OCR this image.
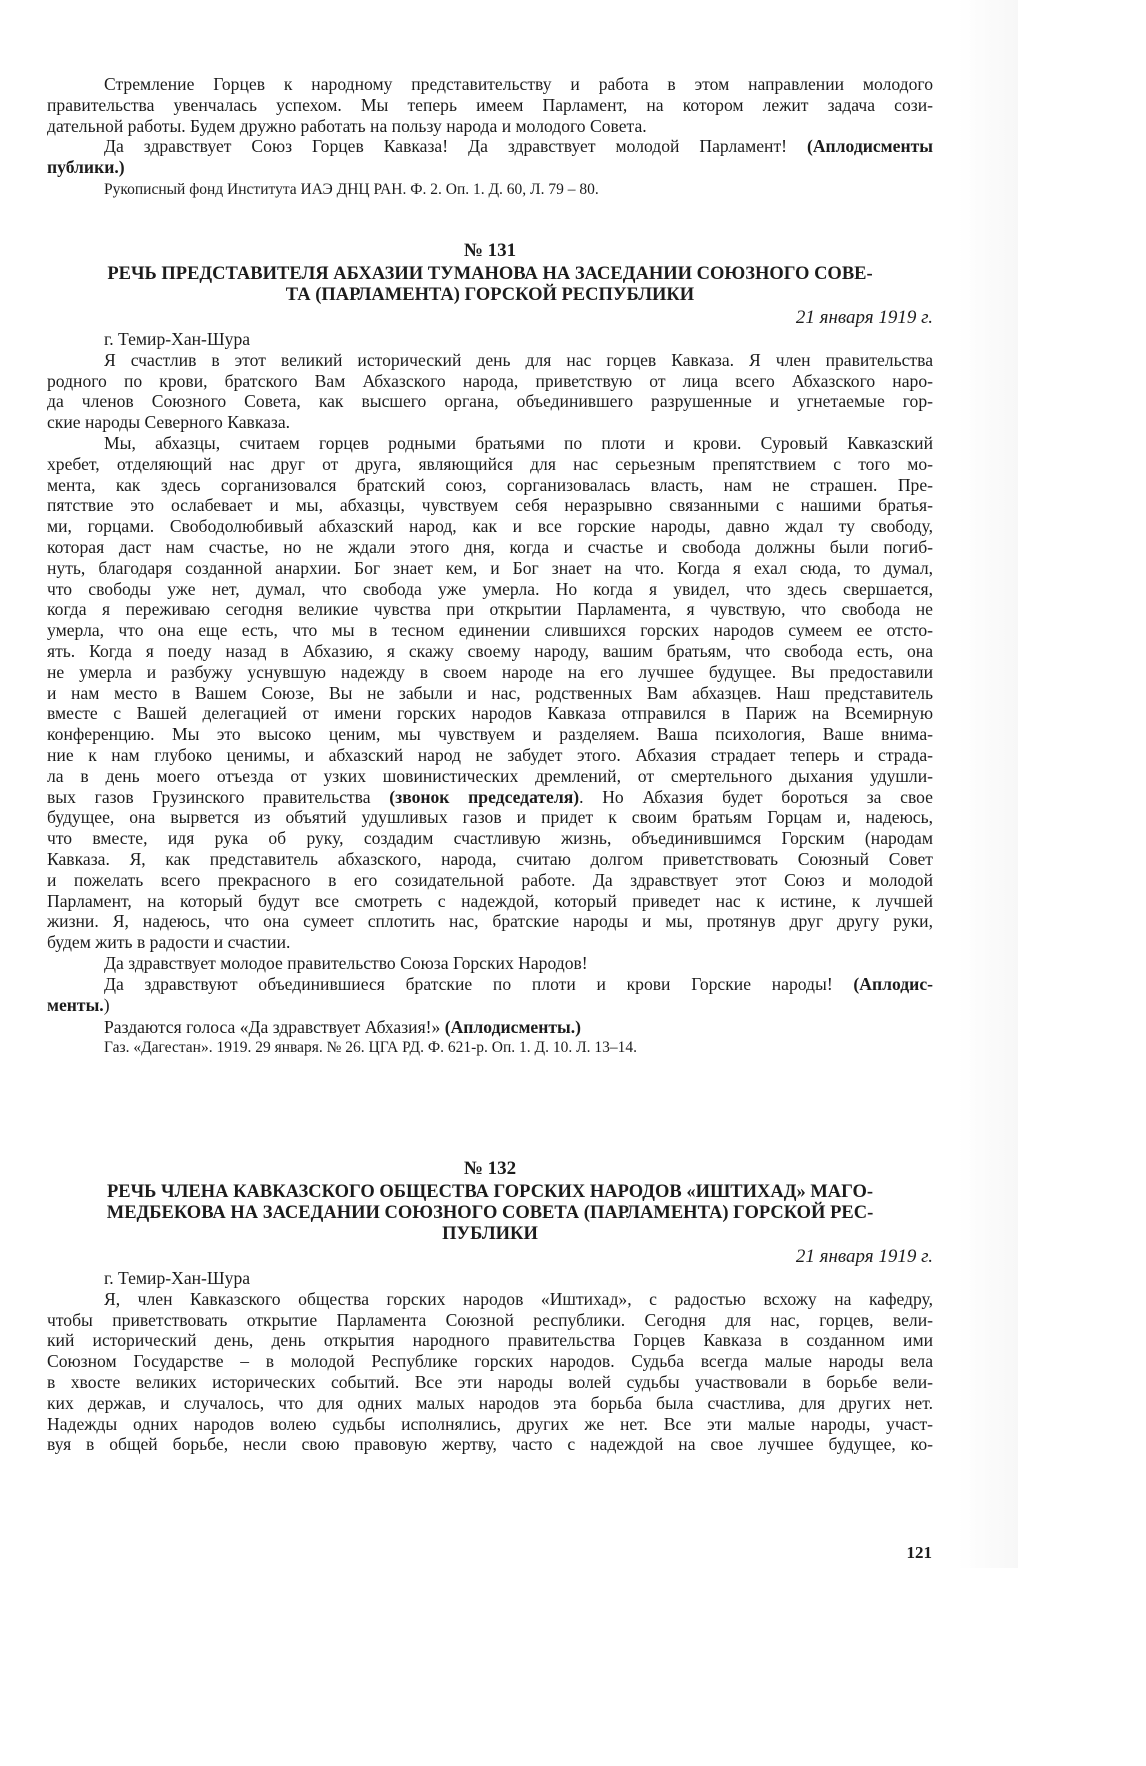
Стремление Горцев к народному представительству и работа в этом направлении молодого
правительства увенчалась успехом. Мы теперь имеем Парламент, на котором лежит задача сози-
дательной работы. Будем дружно работать на пользу народа и молодого Совета.
Да здравствует Союз Горцев Кавказа! Да здравствует молодой Парламент! (Аплодисменты
публики.)
Рукописный фонд Института ИАЭ ДНЦ РАН. Ф. 2. Оп. 1. Д. 60, Л. 79 – 80.
№ 131
РЕЧЬ ПРЕДСТАВИТЕЛЯ АБХАЗИИ ТУМАНОВА НА ЗАСЕДАНИИ СОЮЗНОГО СОВЕ-
ТА (ПАРЛАМЕНТА) ГОРСКОЙ РЕСПУБЛИКИ
21 января 1919 г.
г. Темир-Хан-Шура
Я счастлив в этот великий исторический день для нас горцев Кавказа. Я член правительства
родного по крови, братского Вам Абхазского народа, приветствую от лица всего Абхазского наро-
да членов Союзного Совета, как высшего органа, объединившего разрушенные и угнетаемые гор-
ские народы Северного Кавказа.
Мы, абхазцы, считаем горцев родными братьями по плоти и крови. Суровый Кавказский
хребет, отделяющий нас друг от друга, являющийся для нас серьезным препятствием с того мо-
мента, как здесь сорганизовался братский союз, сорганизовалась власть, нам не страшен. Пре-
пятствие это ослабевает и мы, абхазцы, чувствуем себя неразрывно связанными с нашими братья-
ми, горцами. Свободолюбивый абхазский народ, как и все горские народы, давно ждал ту свободу,
которая даст нам счастье, но не ждали этого дня, когда и счастье и свобода должны были погиб-
нуть, благодаря созданной анархии. Бог знает кем, и Бог знает на что. Когда я ехал сюда, то думал,
что свободы уже нет, думал, что свобода уже умерла. Но когда я увидел, что здесь свершается,
когда я переживаю сегодня великие чувства при открытии Парламента, я чувствую, что свобода не
умерла, что она еще есть, что мы в тесном единении слившихся горских народов сумеем ее отсто-
ять. Когда я поеду назад в Абхазию, я скажу своему народу, вашим братьям, что свобода есть, она
не умерла и разбужу уснувшую надежду в своем народе на его лучшее будущее. Вы предоставили
и нам место в Вашем Союзе, Вы не забыли и нас, родственных Вам абхазцев. Наш представитель
вместе с Вашей делегацией от имени горских народов Кавказа отправился в Париж на Всемирную
конференцию. Мы это высоко ценим, мы чувствуем и разделяем. Ваша психология, Ваше внима-
ние к нам глубоко ценимы, и абхазский народ не забудет этого. Абхазия страдает теперь и страда-
ла в день моего отъезда от узких шовинистических дремлений, от смертельного дыхания удушли-
вых газов Грузинского правительства (звонок председателя). Но Абхазия будет бороться за свое
будущее, она вырвется из объятий удушливых газов и придет к своим братьям Горцам и, надеюсь,
что вместе, идя рука об руку, создадим счастливую жизнь, объединившимся Горским (народам
Кавказа. Я, как представитель абхазского, народа, считаю долгом приветствовать Союзный Совет
и пожелать всего прекрасного в его созидательной работе. Да здравствует этот Союз и молодой
Парламент, на который будут все смотреть с надеждой, который приведет нас к истине, к лучшей
жизни. Я, надеюсь, что она сумеет сплотить нас, братские народы и мы, протянув друг другу руки,
будем жить в радости и счастии.
Да здравствует молодое правительство Союза Горских Народов!
Да здравствуют объединившиеся братские по плоти и крови Горские народы! (Аплодис-
менты.)
Раздаются голоса «Да здравствует Абхазия!» (Аплодисменты.)
Газ. «Дагестан». 1919. 29 января. № 26. ЦГА РД. Ф. 621-р. Оп. 1. Д. 10. Л. 13–14.
№ 132
РЕЧЬ ЧЛЕНА КАВКАЗСКОГО ОБЩЕСТВА ГОРСКИХ НАРОДОВ «ИШТИХАД» МАГО-
МЕДБЕКОВА НА ЗАСЕДАНИИ СОЮЗНОГО СОВЕТА (ПАРЛАМЕНТА) ГОРСКОЙ РЕС-
ПУБЛИКИ
21 января 1919 г.
г. Темир-Хан-Шура
Я, член Кавказского общества горских народов «Иштихад», с радостью всхожу на кафедру,
чтобы приветствовать открытие Парламента Союзной республики. Сегодня для нас, горцев, вели-
кий исторический день, день открытия народного правительства Горцев Кавказа в созданном ими
Союзном Государстве – в молодой Республике горских народов. Судьба всегда малые народы вела
в хвосте великих исторических событий. Все эти народы волей судьбы участвовали в борьбе вели-
ких держав, и случалось, что для одних малых народов эта борьба была счастлива, для других нет.
Надежды одних народов волею судьбы исполнялись, других же нет. Все эти малые народы, участ-
вуя в общей борьбе, несли свою правовую жертву, часто с надеждой на свое лучшее будущее, ко-
121
